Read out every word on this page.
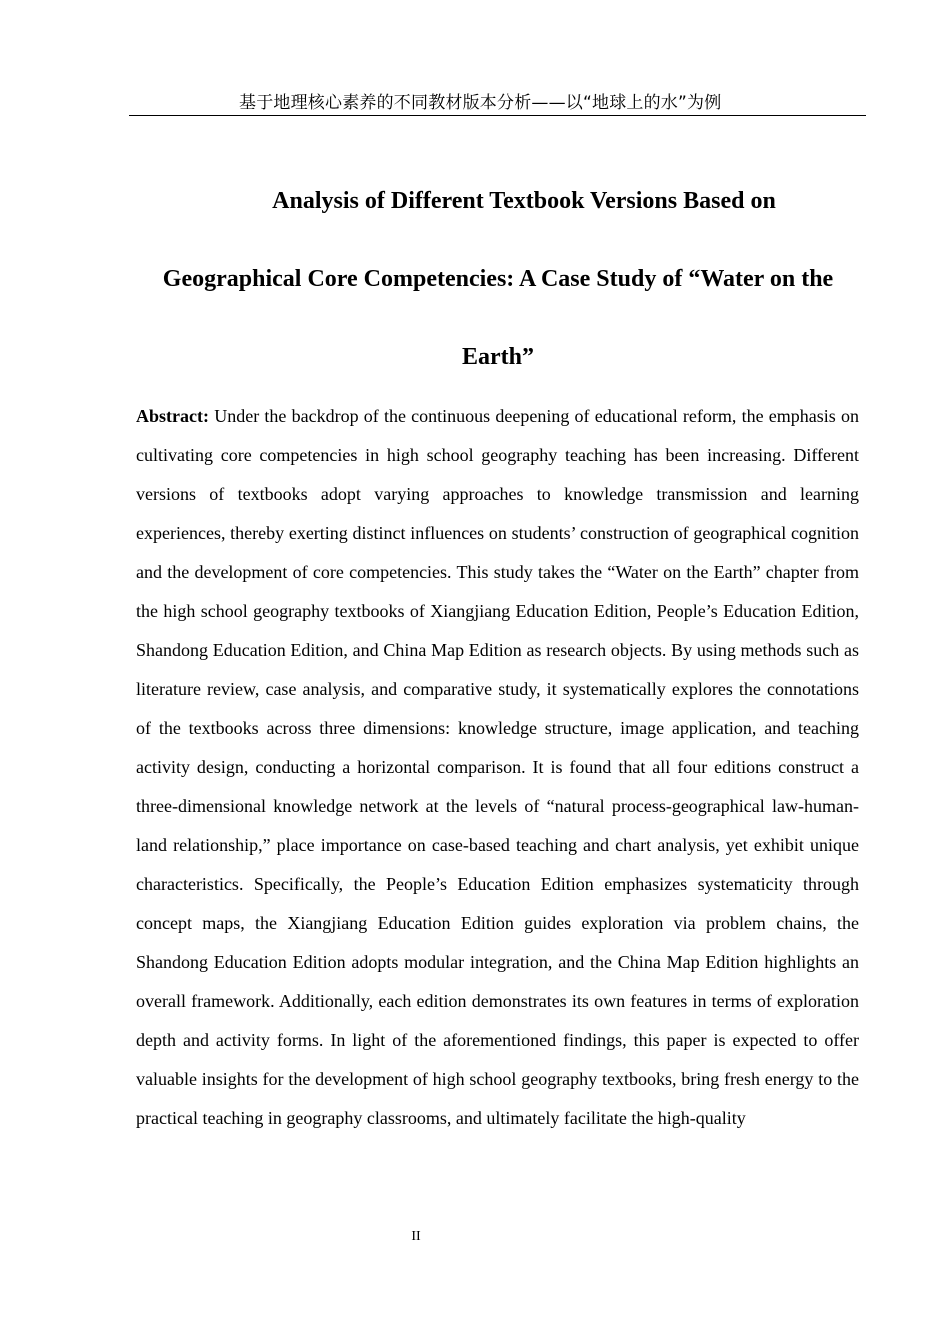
基于地理核心素养的不同教材版本分析——以“地球上的水”为例
Analysis of Different Textbook Versions Based on
Geographical Core Competencies: A Case Study of “Water on the
Earth”

Abstract: Under the backdrop of the continuous deepening of educational reform, the emphasis on cultivating core competencies in high school geography teaching has been increasing. Different versions of textbooks adopt varying approaches to knowledge transmission and learning experiences, thereby exerting distinct influences on students’ construction of geographical cognition and the development of core competencies. This study takes the “Water on the Earth” chapter from the high school geography textbooks of Xiangjiang Education Edition, People’s Education Edition, Shandong Education Edition, and China Map Edition as research objects. By using methods such as literature review, case analysis, and comparative study, it systematically explores the connotations of the textbooks across three dimensions: knowledge structure, image application, and teaching activity design, conducting a horizontal comparison. It is found that all four editions construct a three-dimensional knowledge network at the levels of “natural process-geographical law-human-land relationship,” place importance on case-based teaching and chart analysis, yet exhibit unique characteristics. Specifically, the People’s Education Edition emphasizes systematicity through concept maps, the Xiangjiang Education Edition guides exploration via problem chains, the Shandong Education Edition adopts modular integration, and the China Map Edition highlights an overall framework. Additionally, each edition demonstrates its own features in terms of exploration depth and activity forms. In light of the aforementioned findings, this paper is expected to offer valuable insights for the development of high school geography textbooks, bring fresh energy to the practical teaching in geography classrooms, and ultimately facilitate the high-quality

II
